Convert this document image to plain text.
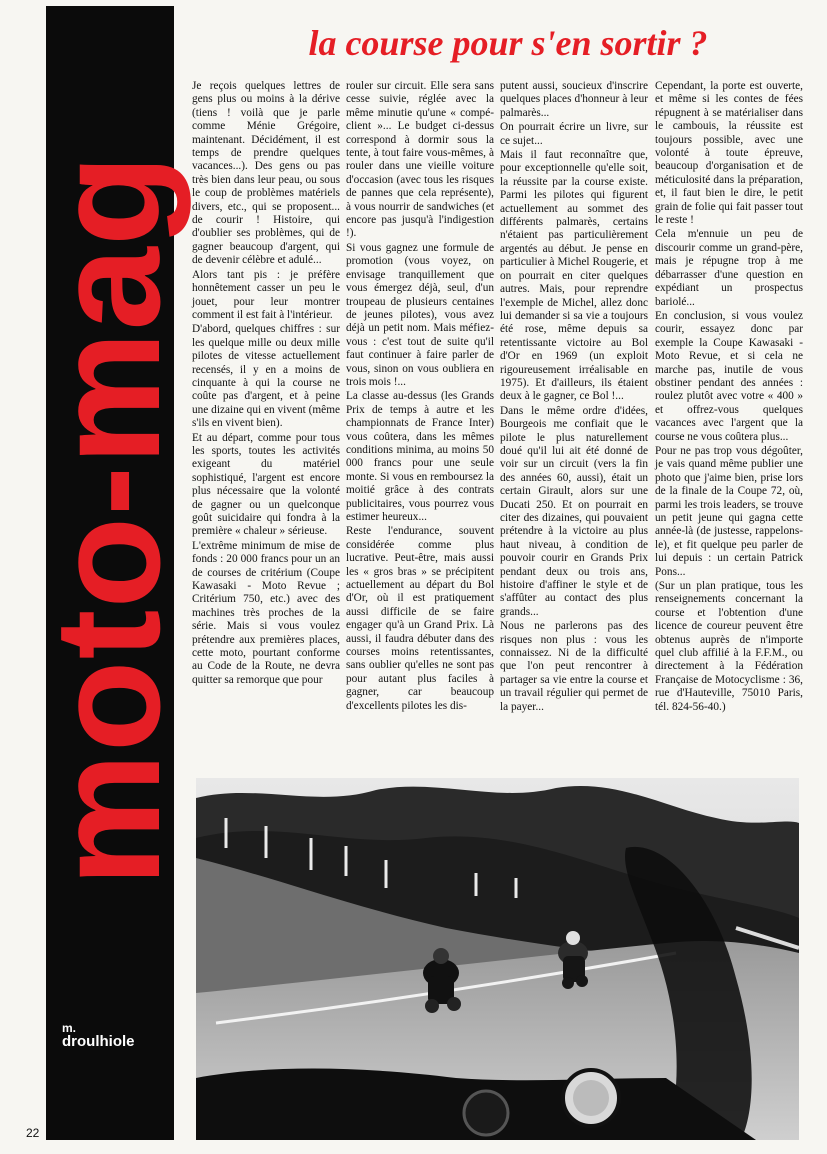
moto-mag
m.
droulhiole
22
la course pour s'en sortir ?

Je reçois quelques lettres de gens plus ou moins à la dérive (tiens ! voilà que je parle comme Ménie Grégoire, maintenant. Décidément, il est temps de prendre quelques vacances...). Des gens ou pas très bien dans leur peau, ou sous le coup de problèmes matériels divers, etc., qui se proposent... de courir ! Histoire, qui d'oublier ses problèmes, qui de gagner beaucoup d'argent, qui de devenir célèbre et adulé...

Alors tant pis : je préfère honnêtement casser un peu le jouet, pour leur montrer comment il est fait à l'intérieur.

D'abord, quelques chiffres : sur les quelque mille ou deux mille pilotes de vitesse actuellement recensés, il y en a moins de cinquante à qui la course ne coûte pas d'argent, et à peine une dizaine qui en vivent (même s'ils en vivent bien).

Et au départ, comme pour tous les sports, toutes les activités exigeant du matériel sophistiqué, l'argent est encore plus nécessaire que la volonté de gagner ou un quelconque goût suicidaire qui fondra à la première « chaleur » sérieuse.

L'extrême minimum de mise de fonds : 20 000 francs pour un an de courses de critérium (Coupe Kawasaki - Moto Revue ; Critérium 750, etc.) avec des machines très proches de la série. Mais si vous voulez prétendre aux premières places, cette moto, pourtant conforme au Code de la Route, ne devra quitter sa remorque que pour

rouler sur circuit. Elle sera sans cesse suivie, réglée avec la même minutie qu'une « compé-client »... Le budget ci-dessus correspond à dormir sous la tente, à tout faire vous-mêmes, à rouler dans une vieille voiture d'occasion (avec tous les risques de pannes que cela représente), à vous nourrir de sandwiches (et encore pas jusqu'à l'indigestion !).

Si vous gagnez une formule de promotion (vous voyez, on envisage tranquillement que vous émergez déjà, seul, d'un troupeau de plusieurs centaines de jeunes pilotes), vous avez déjà un petit nom. Mais méfiez-vous : c'est tout de suite qu'il faut continuer à faire parler de vous, sinon on vous oubliera en trois mois !...

La classe au-dessus (les Grands Prix de temps à autre et les championnats de France Inter) vous coûtera, dans les mêmes conditions minima, au moins 50 000 francs pour une seule monte. Si vous en remboursez la moitié grâce à des contrats publicitaires, vous pourrez vous estimer heureux...

Reste l'endurance, souvent considérée comme plus lucrative. Peut-être, mais aussi les « gros bras » se précipitent actuellement au départ du Bol d'Or, où il est pratiquement aussi difficile de se faire engager qu'à un Grand Prix. Là aussi, il faudra débuter dans des courses moins retentissantes, sans oublier qu'elles ne sont pas pour autant plus faciles à gagner, car beaucoup d'excellents pilotes les dis-

putent aussi, soucieux d'inscrire quelques places d'honneur à leur palmarès...

On pourrait écrire un livre, sur ce sujet...

Mais il faut reconnaître que, pour exceptionnelle qu'elle soit, la réussite par la course existe. Parmi les pilotes qui figurent actuellement au sommet des différents palmarès, certains n'étaient pas particulièrement argentés au début. Je pense en particulier à Michel Rougerie, et on pourrait en citer quelques autres. Mais, pour reprendre l'exemple de Michel, allez donc lui demander si sa vie a toujours été rose, même depuis sa retentissante victoire au Bol d'Or en 1969 (un exploit rigoureusement irréalisable en 1975). Et d'ailleurs, ils étaient deux à le gagner, ce Bol !...

Dans le même ordre d'idées, Bourgeois me confiait que le pilote le plus naturellement doué qu'il lui ait été donné de voir sur un circuit (vers la fin des années 60, aussi), était un certain Girault, alors sur une Ducati 250. Et on pourrait en citer des dizaines, qui pouvaient prétendre à la victoire au plus haut niveau, à condition de pouvoir courir en Grands Prix pendant deux ou trois ans, histoire d'affiner le style et de s'affûter au contact des plus grands...

Nous ne parlerons pas des risques non plus : vous les connaissez. Ni de la difficulté que l'on peut rencontrer à partager sa vie entre la course et un travail régulier qui permet de la payer...

Cependant, la porte est ouverte, et même si les contes de fées répugnent à se matérialiser dans le cambouis, la réussite est toujours possible, avec une volonté à toute épreuve, beaucoup d'organisation et de méticulosité dans la préparation, et, il faut bien le dire, le petit grain de folie qui fait passer tout le reste !

Cela m'ennuie un peu de discourir comme un grand-père, mais je répugne trop à me débarrasser d'une question en expédiant un prospectus bariolé...

En conclusion, si vous voulez courir, essayez donc par exemple la Coupe Kawasaki - Moto Revue, et si cela ne marche pas, inutile de vous obstiner pendant des années : roulez plutôt avec votre « 400 » et offrez-vous quelques vacances avec l'argent que la course ne vous coûtera plus...

Pour ne pas trop vous dégoûter, je vais quand même publier une photo que j'aime bien, prise lors de la finale de la Coupe 72, où, parmi les trois leaders, se trouve un petit jeune qui gagna cette année-là (de justesse, rappelons-le), et fit quelque peu parler de lui depuis : un certain Patrick Pons...

(Sur un plan pratique, tous les renseignements concernant la course et l'obtention d'une licence de coureur peuvent être obtenus auprès de n'importe quel club affilié à la F.F.M., ou directement à la Fédération Française de Motocyclisme : 36, rue d'Hauteville, 75010 Paris, tél. 824-56-40.)
